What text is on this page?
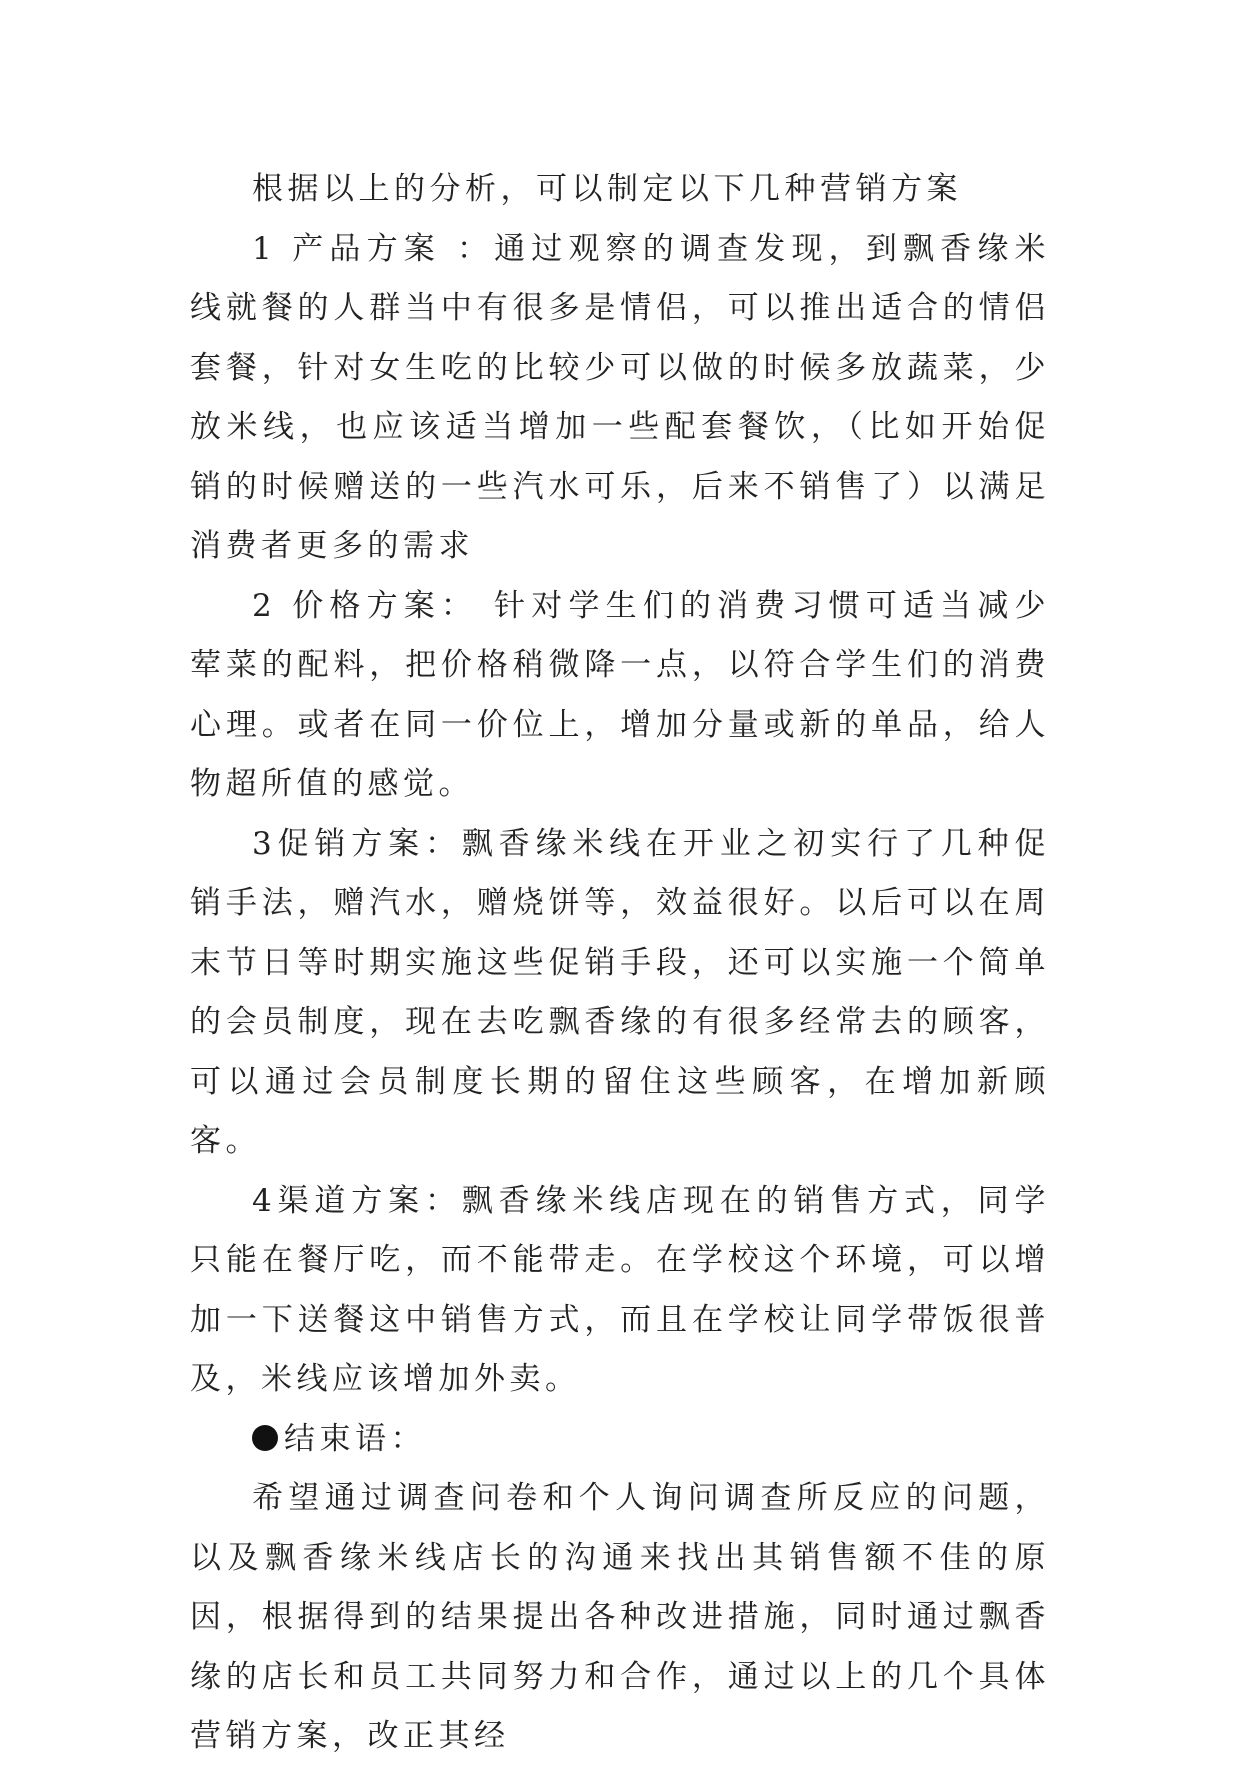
根据以上的分析，可以制定以下几种营销方案

1 产品方案 ：通过观察的调查发现，到飘香缘米线就餐的人群当中有很多是情侣，可以推出适合的情侣套餐，针对女生吃的比较少可以做的时候多放蔬菜，少放米线，也应该适当增加一些配套餐饮，（比如开始促销的时候赠送的一些汽水可乐，后来不销售了）以满足消费者更多的需求

2 价格方案： 针对学生们的消费习惯可适当减少荤菜的配料，把价格稍微降一点，以符合学生们的消费心理。或者在同一价位上，增加分量或新的单品，给人物超所值的感觉。

3促销方案：飘香缘米线在开业之初实行了几种促销手法，赠汽水，赠烧饼等，效益很好。以后可以在周末节日等时期实施这些促销手段，还可以实施一个简单的会员制度，现在去吃飘香缘的有很多经常去的顾客，可以通过会员制度长期的留住这些顾客，在增加新顾客。

4渠道方案：飘香缘米线店现在的销售方式，同学只能在餐厅吃，而不能带走。在学校这个环境，可以增加一下送餐这中销售方式，而且在学校让同学带饭很普及，米线应该增加外卖。

结束语：

希望通过调查问卷和个人询问调查所反应的问题，以及飘香缘米线店长的沟通来找出其销售额不佳的原因，根据得到的结果提出各种改进措施，同时通过飘香缘的店长和员工共同努力和合作，通过以上的几个具体营销方案，改正其经
